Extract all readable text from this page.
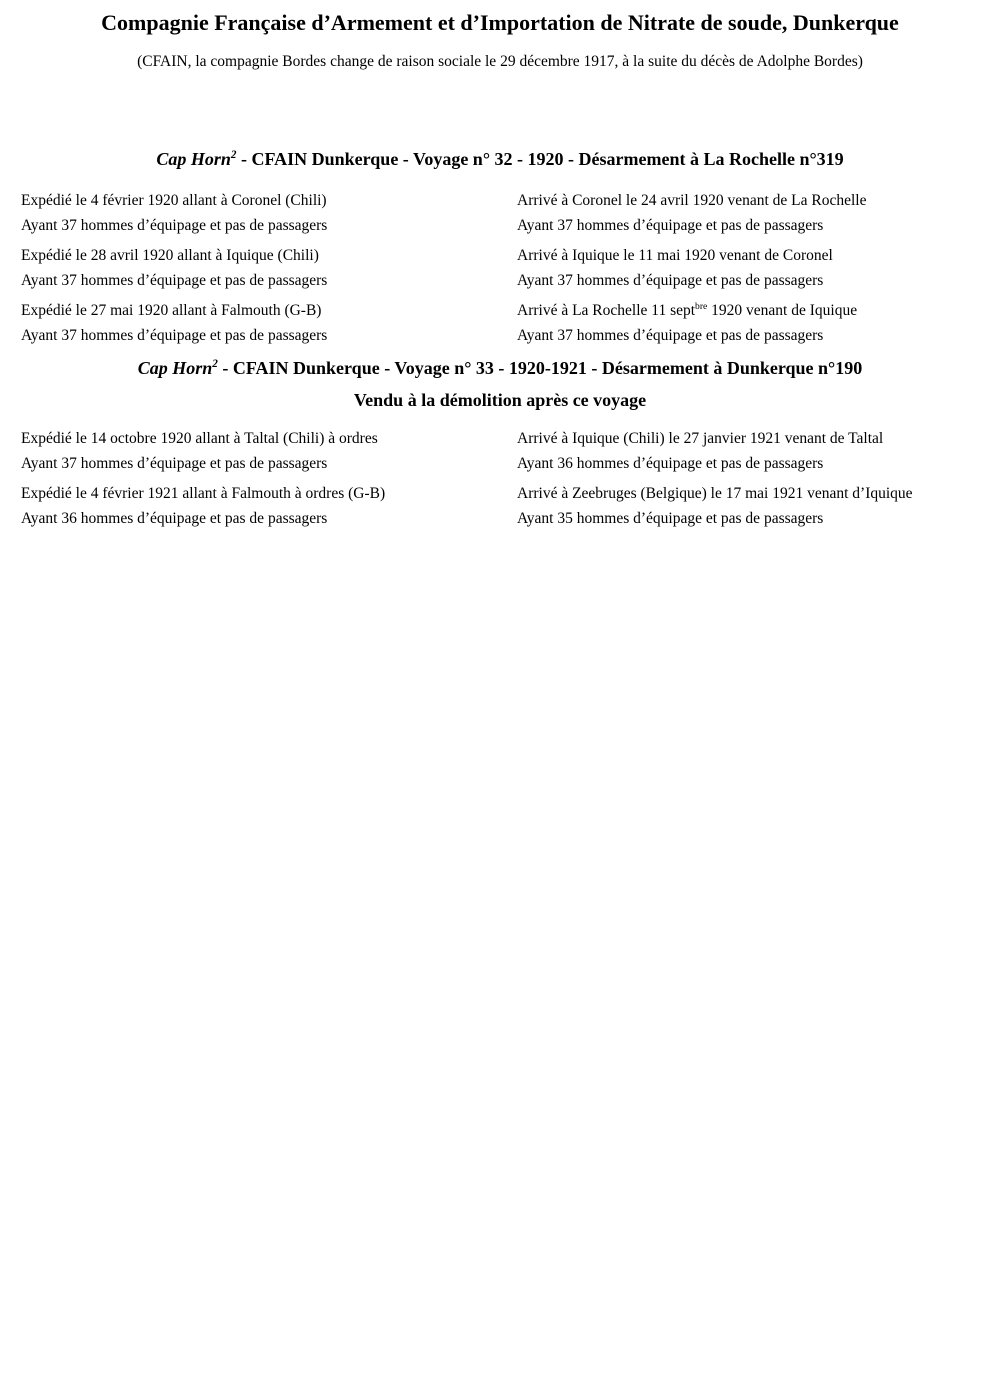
Compagnie Française d’Armement et d’Importation de Nitrate de soude, Dunkerque
(CFAIN, la compagnie Bordes change de raison sociale le 29 décembre 1917, à la suite du décès de Adolphe Bordes)
Cap Horn$^2$ - CFAIN Dunkerque - Voyage n° 32 - 1920 - Désarmement à La Rochelle n°319
Expédié le 4 février 1920 allant à Coronel (Chili)
Ayant 37 hommes d’équipage et pas de passagers
Arrivé à Coronel le 24 avril 1920 venant de La Rochelle
Ayant 37 hommes d’équipage et pas de passagers
Expédié le 28 avril 1920 allant à Iquique (Chili)
Ayant 37 hommes d’équipage et pas de passagers
Arrivé à Iquique le 11 mai 1920 venant de Coronel
Ayant 37 hommes d’équipage et pas de passagers
Expédié le 27 mai 1920 allant à Falmouth (G-B)
Ayant 37 hommes d’équipage et pas de passagers
Arrivé à La Rochelle 11 sept$^{bre}$ 1920 venant de Iquique
Ayant 37 hommes d’équipage et pas de passagers
Cap Horn$^2$ - CFAIN Dunkerque - Voyage n° 33 - 1920-1921 - Désarmement à Dunkerque n°190
Vendu à la démolition après ce voyage
Expédié le 14 octobre 1920 allant à Taltal (Chili) à ordres
Ayant 37 hommes d’équipage et pas de passagers
Arrivé à Iquique (Chili) le 27 janvier 1921 venant de Taltal
Ayant 36 hommes d’équipage et pas de passagers
Expédié le 4 février 1921 allant à Falmouth à ordres (G-B)
Ayant 36 hommes d’équipage et pas de passagers
Arrivé à Zeebruges (Belgique) le 17 mai 1921 venant d’Iquique
Ayant 35 hommes d’équipage et pas de passagers
